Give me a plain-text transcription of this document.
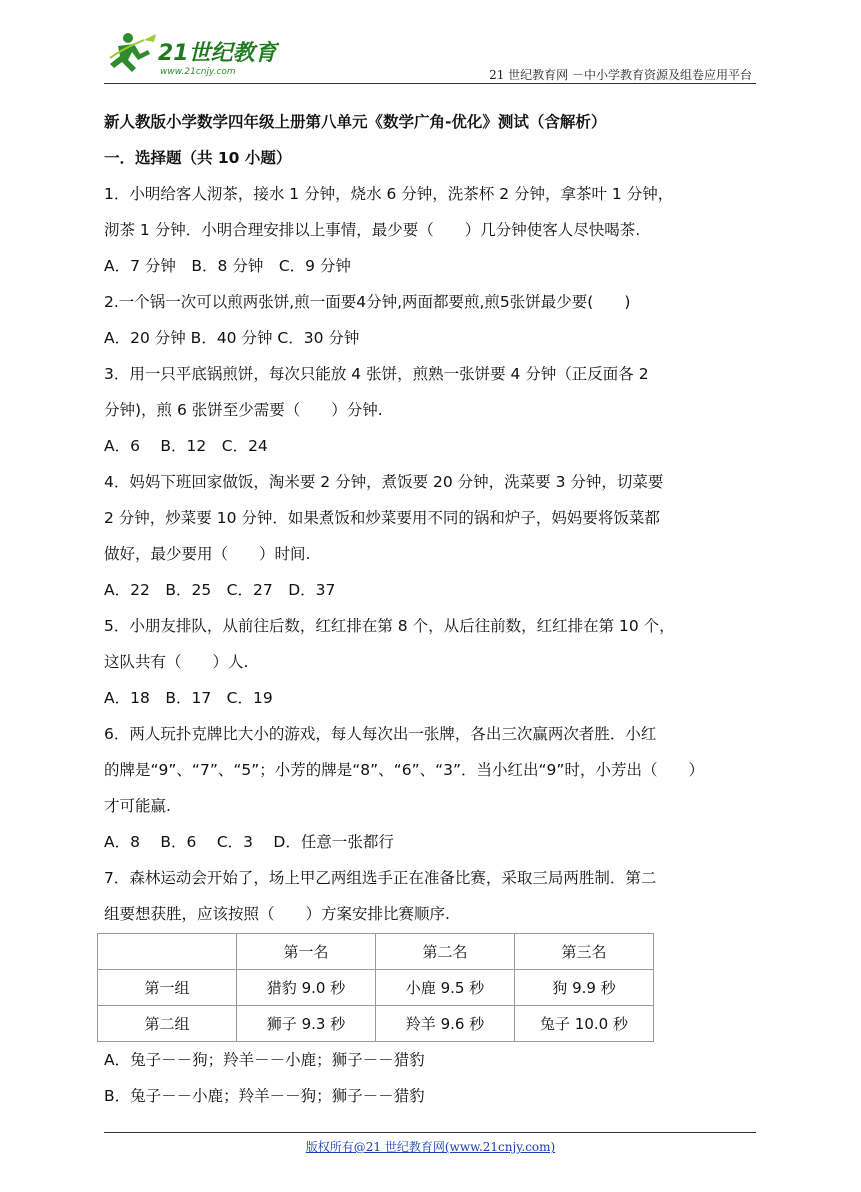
21世纪教育
www.21cnjy.com	21 世纪教育网 －中小学教育资源及组卷应用平台
新人教版小学数学四年级上册第八单元《数学广角-优化》测试（含解析）
一．选择题（共 10 小题）
1．小明给客人沏茶，接水 1 分钟，烧水 6 分钟，洗茶杯 2 分钟，拿茶叶 1 分钟，
沏茶 1 分钟．小明合理安排以上事情，最少要（　　）几分钟使客人尽快喝茶.
A．7 分钟　B．8 分钟　C．9 分钟
2.一个锅一次可以煎两张饼,煎一面要4分钟,两面都要煎,煎5张饼最少要(　　)
A．20 分钟 B．40 分钟 C．30 分钟
3．用一只平底锅煎饼，每次只能放 4 张饼，煎熟一张饼要 4 分钟（正反面各 2
分钟)，煎 6 张饼至少需要（　　）分钟.
A．6　 B．12　C．24
4．妈妈下班回家做饭，淘米要 2 分钟，煮饭要 20 分钟，洗菜要 3 分钟，切菜要
2 分钟，炒菜要 10 分钟．如果煮饭和炒菜要用不同的锅和炉子，妈妈要将饭菜都
做好，最少要用（　　）时间.
A．22　B．25　C．27　D．37
5．小朋友排队，从前往后数，红红排在第 8 个，从后往前数，红红排在第 10 个，
这队共有（　　）人.
A．18　B．17　C．19
6．两人玩扑克牌比大小的游戏，每人每次出一张牌，各出三次赢两次者胜．小红
的牌是“9”、“7”、“5”；小芳的牌是“8”、“6”、“3”．当小红出“9”时，小芳出（　　）
才可能赢.
A．8　 B．6　 C．3　 D．任意一张都行
7．森林运动会开始了，场上甲乙两组选手正在准备比赛，采取三局两胜制．第二
组要想获胜，应该按照（　　）方案安排比赛顺序.
	第一名	第二名	第三名
第一组	猎豹 9.0 秒	小鹿 9.5 秒	狗 9.9 秒
第二组	狮子 9.3 秒	羚羊 9.6 秒	兔子 10.0 秒
A．兔子－－狗；羚羊－－小鹿；狮子－－猎豹
B．兔子－－小鹿；羚羊－－狗；狮子－－猎豹
版权所有@21 世纪教育网(www.21cnjy.com)
